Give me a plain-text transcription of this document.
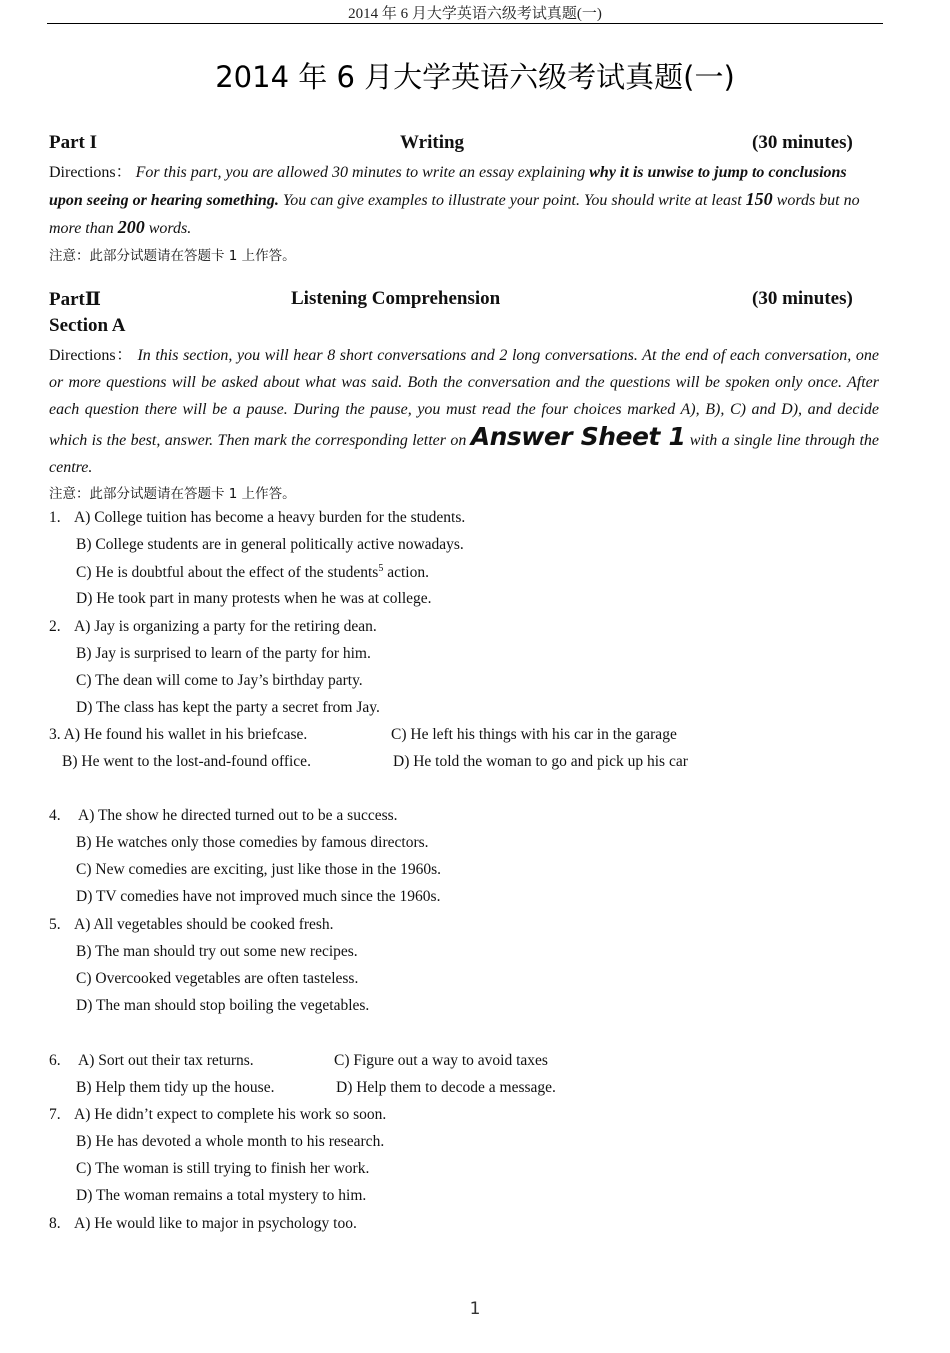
2014 年 6 月大学英语六级考试真题(一)
2014 年 6 月大学英语六级考试真题(一)
Part I	Writing	(30 minutes)
Directions： For this part, you are allowed 30 minutes to write an essay explaining why it is unwise to jump to conclusions upon seeing or hearing something. You can give examples to illustrate your point. You should write at least 150 words but no more than 200 words.
注意：此部分试题请在答题卡 1 上作答。
PartⅡ	Listening Comprehension	(30 minutes)
Section A
Directions： In this section, you will hear 8 short conversations and 2 long conversations. At the end of each conversation, one or more questions will be asked about what was said. Both the conversation and the questions will be spoken only once. After each question there will be a pause. During the pause, you must read the four choices marked A), B), C) and D), and decide which is the best, answer. Then mark the corresponding letter on Answer Sheet 1 with a single line through the centre.
注意：此部分试题请在答题卡 1 上作答。
1. A) College tuition has become a heavy burden for the students.
B) College students are in general politically active nowadays.
C) He is doubtful about the effect of the students$^5$ action.
D) He took part in many protests when he was at college.
2. A) Jay is organizing a party for the retiring dean.
B) Jay is surprised to learn of the party for him.
C) The dean will come to Jay’s birthday party.
D) The class has kept the party a secret from Jay.
3. A) He found his wallet in his briefcase.	C) He left his things with his car in the garage
B) He went to the lost-and-found office.	D) He told the woman to go and pick up his car
4. A) The show he directed turned out to be a success.
B) He watches only those comedies by famous directors.
C) New comedies are exciting, just like those in the 1960s.
D) TV comedies have not improved much since the 1960s.
5. A) All vegetables should be cooked fresh.
B) The man should try out some new recipes.
C) Overcooked vegetables are often tasteless.
D) The man should stop boiling the vegetables.
6. A) Sort out their tax returns.	C) Figure out a way to avoid taxes
B) Help them tidy up the house.	D) Help them to decode a message.
7. A) He didn’t expect to complete his work so soon.
B) He has devoted a whole month to his research.
C) The woman is still trying to finish her work.
D) The woman remains a total mystery to him.
8. A) He would like to major in psychology too.
1
